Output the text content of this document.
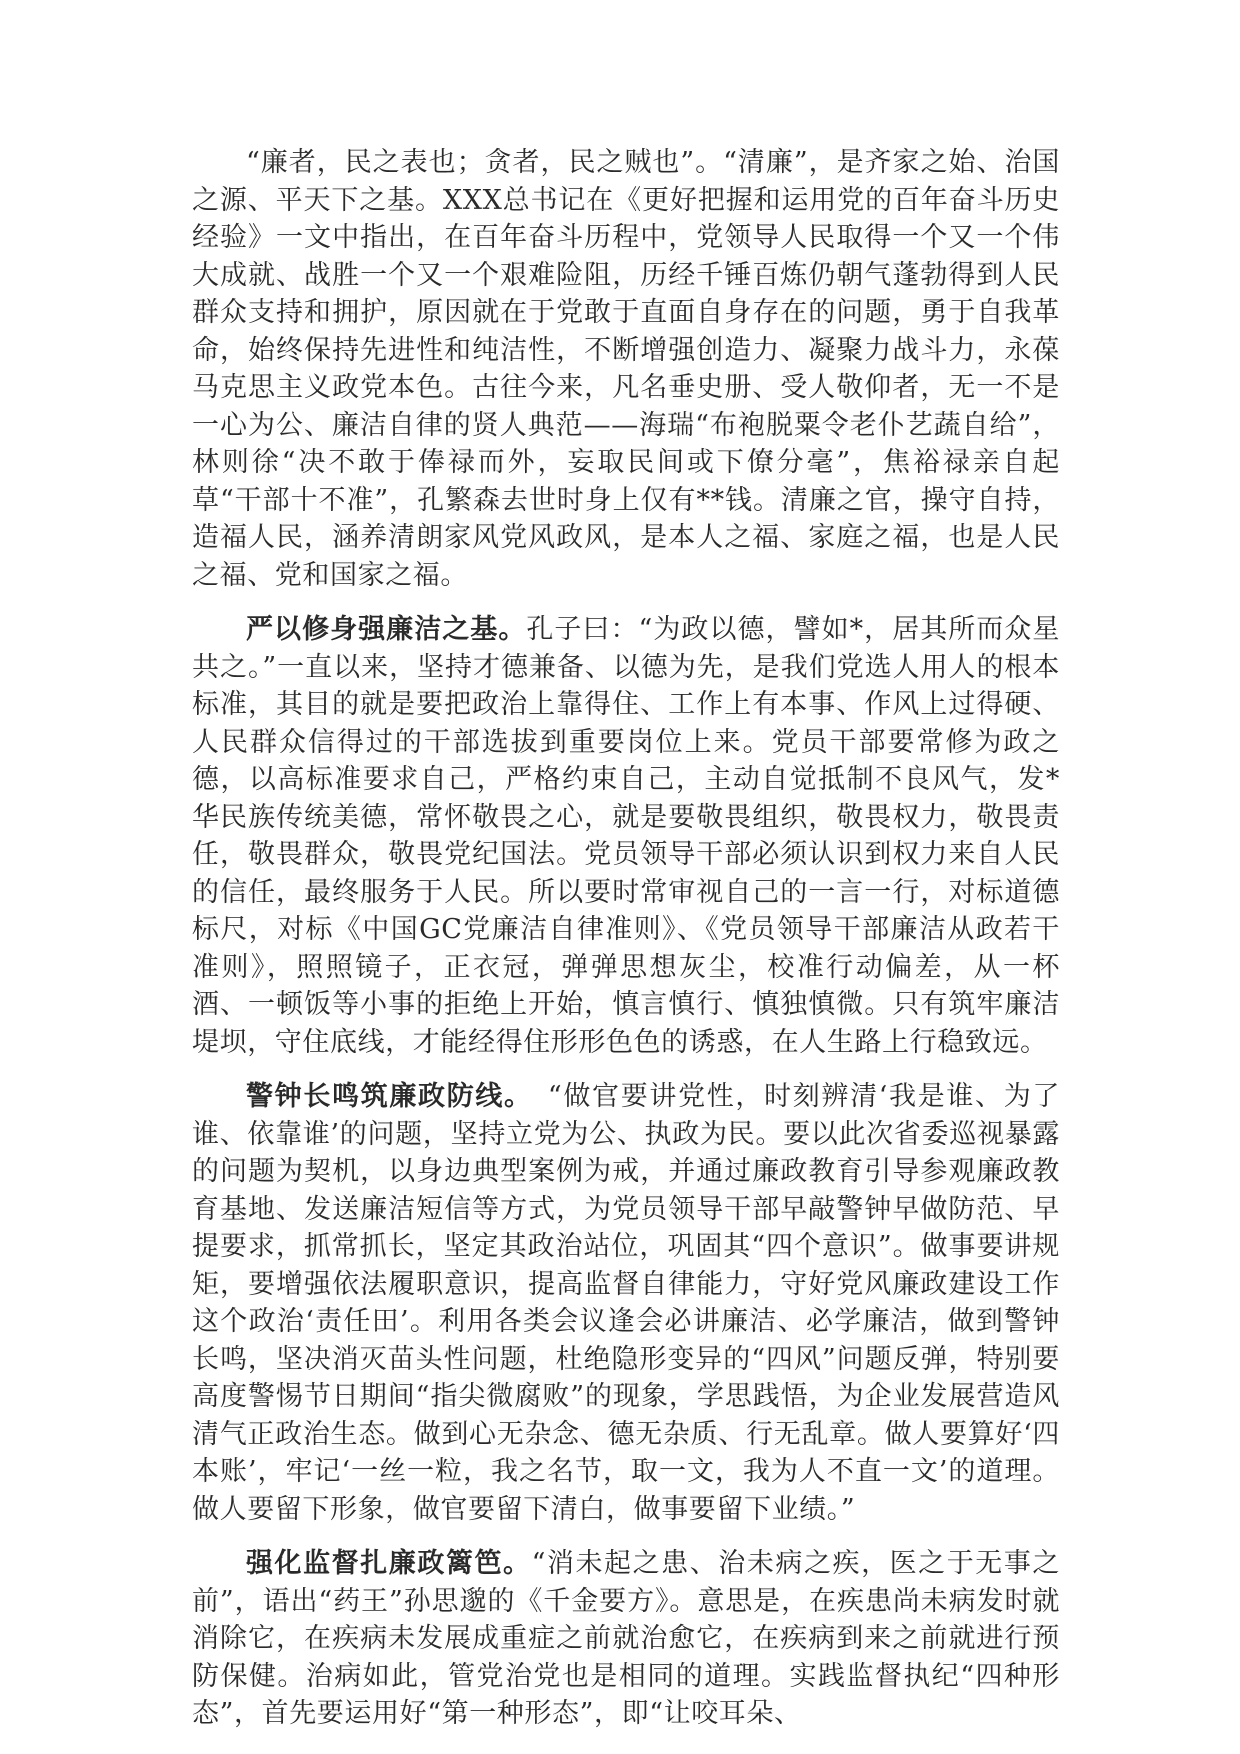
“廉者，民之表也；贪者，民之贼也”。“清廉”，是齐家之始、治国之源、平天下之基。XXX总书记在《更好把握和运用党的百年奋斗历史经验》一文中指出，在百年奋斗历程中，党领导人民取得一个又一个伟大成就、战胜一个又一个艰难险阻，历经千锤百炼仍朝气蓬勃得到人民群众支持和拥护，原因就在于党敢于直面自身存在的问题，勇于自我革命，始终保持先进性和纯洁性，不断增强创造力、凝聚力战斗力，永葆马克思主义政党本色。古往今来，凡名垂史册、受人敬仰者，无一不是一心为公、廉洁自律的贤人典范——海瑞“布袍脱粟令老仆艺蔬自给”，林则徐“决不敢于俸禄而外，妄取民间或下僚分毫”，焦裕禄亲自起草“干部十不准”，孔繁森去世时身上仅有**钱。清廉之官，操守自持，造福人民，涵养清朗家风党风政风，是本人之福、家庭之福，也是人民之福、党和国家之福。

严以修身强廉洁之基。孔子曰：“为政以德，譬如*，居其所而众星共之。”一直以来，坚持才德兼备、以德为先，是我们党选人用人的根本标准，其目的就是要把政治上靠得住、工作上有本事、作风上过得硬、人民群众信得过的干部选拔到重要岗位上来。党员干部要常修为政之德，以高标准要求自己，严格约束自己，主动自觉抵制不良风气，发*华民族传统美德，常怀敬畏之心，就是要敬畏组织，敬畏权力，敬畏责任，敬畏群众，敬畏党纪国法。党员领导干部必须认识到权力来自人民的信任，最终服务于人民。所以要时常审视自己的一言一行，对标道德标尺，对标《中国GC党廉洁自律准则》、《党员领导干部廉洁从政若干准则》，照照镜子，正衣冠，弹弹思想灰尘，校准行动偏差，从一杯酒、一顿饭等小事的拒绝上开始，慎言慎行、慎独慎微。只有筑牢廉洁堤坝，守住底线，才能经得住形形色色的诱惑，在人生路上行稳致远。

警钟长鸣筑廉政防线。　“做官要讲党性，时刻辨清‘我是谁、为了谁、依靠谁’的问题，坚持立党为公、执政为民。要以此次省委巡视暴露的问题为契机，以身边典型案例为戒，并通过廉政教育引导参观廉政教育基地、发送廉洁短信等方式，为党员领导干部早敲警钟早做防范、早提要求，抓常抓长，坚定其政治站位，巩固其“四个意识”。做事要讲规矩，要增强依法履职意识，提高监督自律能力，守好党风廉政建设工作这个政治‘责任田’。利用各类会议逢会必讲廉洁、必学廉洁，做到警钟长鸣，坚决消灭苗头性问题，杜绝隐形变异的“四风”问题反弹，特别要高度警惕节日期间“指尖微腐败”的现象，学思践悟，为企业发展营造风清气正政治生态。做到心无杂念、德无杂质、行无乱章。做人要算好‘四本账’，牢记‘一丝一粒，我之名节，取一文，我为人不直一文’的道理。做人要留下形象，做官要留下清白，做事要留下业绩。”

强化监督扎廉政篱笆。“消未起之患、治未病之疾，医之于无事之前”，语出“药王”孙思邈的《千金要方》。意思是，在疾患尚未病发时就消除它，在疾病未发展成重症之前就治愈它，在疾病到来之前就进行预防保健。治病如此，管党治党也是相同的道理。实践监督执纪“四种形态”，首先要运用好“第一种形态”，即“让咬耳朵、
